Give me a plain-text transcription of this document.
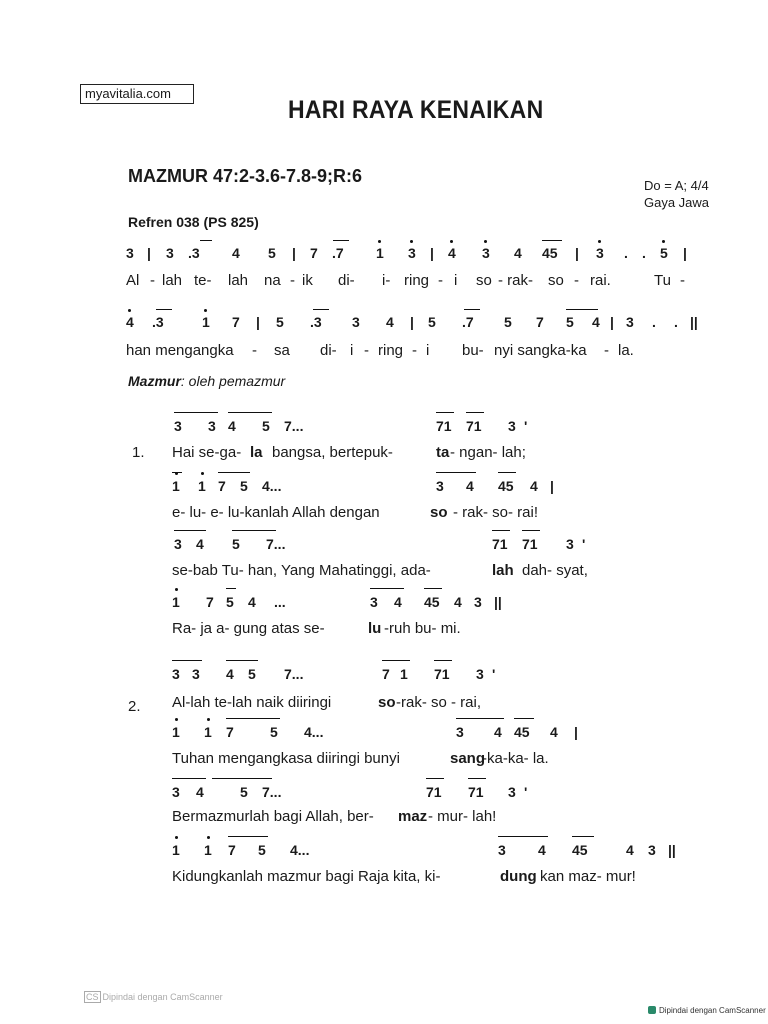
myavitalia.com
HARI RAYA KENAIKAN
MAZMUR 47:2-3.6-7.8-9;R:6	Do = A; 4/4
Gaya Jawa
Refren 038 (PS 825)
3 | 3 .3 4 5 | 7 .7 1 3 | 4 3 4 45 | 3 . . 5 |
Al - lah te- lah na - ik di- i- ring - i so - rak- so - rai.	Tu -
4 .3	1 7 | 5 .3 3 4 | 5 .7 5 7 5 4 | 3 . . ||
han mengangka - sa di- i - ring - i bu- nyi sangka-ka - la.
Mazmur: oleh pemazmur
1.
3 3 4 5 7...	71 71 3 '
Hai se-ga- la bangsa, bertepuk-	ta - ngan- lah;
1 1 7 5 4...	3 4 45 4 |
e- lu- e- lu-kanlah Allah dengan	so - rak- so- rai!
3 4 5 7...	71 71 3 '
se-bab Tu- han, Yang Mahatinggi, ada-	lah dah- syat,
1 7 5 4 ...	3 4 45 4 3 ||
Ra- ja a- gung atas se-	lu -ruh bu- mi.
2.
3 3 4 5 7...	7 1 71 3 '
Al-lah te-lah naik diiringi	so -rak- so - rai,
1 1 7	5 4...	3 4 45 4 |
Tuhan mengangkasa diiringi bunyi	sang
-ka-ka- la.
3 4	5 7...	71 71 3 '
Bermazmurlah bagi Allah, ber- maz - mur- lah!
1 1 7 5 4...	3 4 45	4 3 ||
Kidungkanlah mazmur bagi Raja kita, ki-	dung kan maz- mur!
CS Dipindai dengan CamScanner
Dipindai dengan CamScanner
